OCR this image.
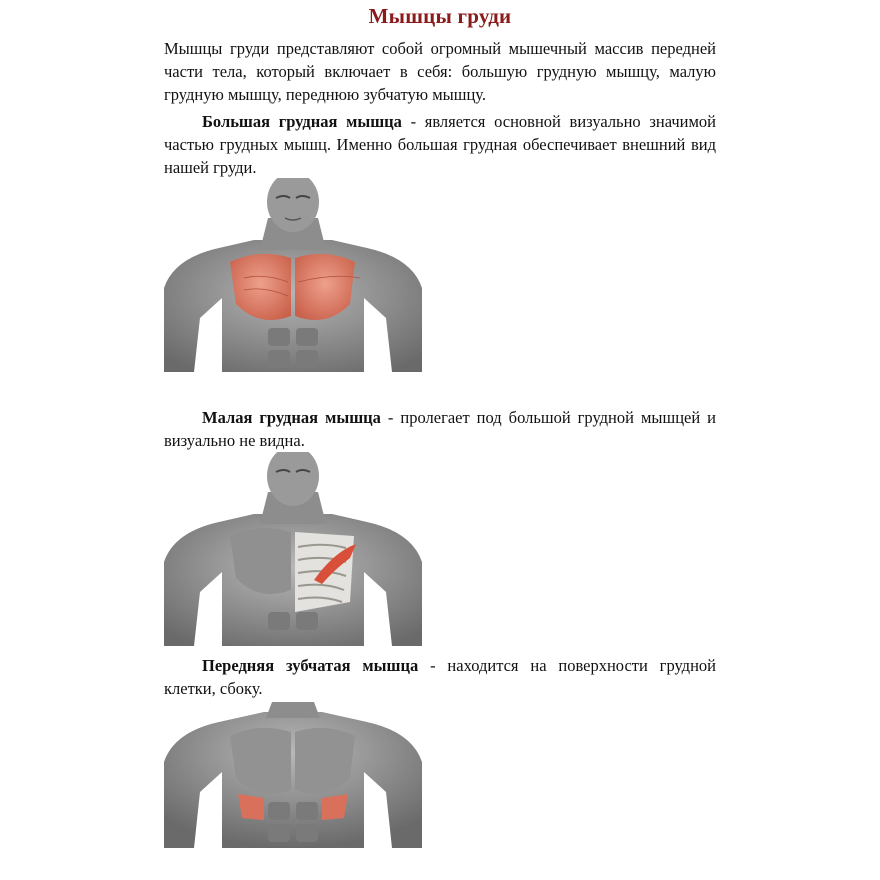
Мышцы груди

Мышцы груди представляют собой огромный мышечный массив передней части тела, который включает в себя: большую грудную мышцу, малую грудную мышцу, переднюю зубчатую мышцу.

Большая грудная мышца - является основной визуально значимой частью грудных мышц. Именно большая грудная обеспечивает внешний вид нашей груди.

Малая грудная мышца - пролегает под большой грудной мышцей и визуально не видна.

Передняя зубчатая мышца - находится на поверхности грудной клетки, сбоку.
